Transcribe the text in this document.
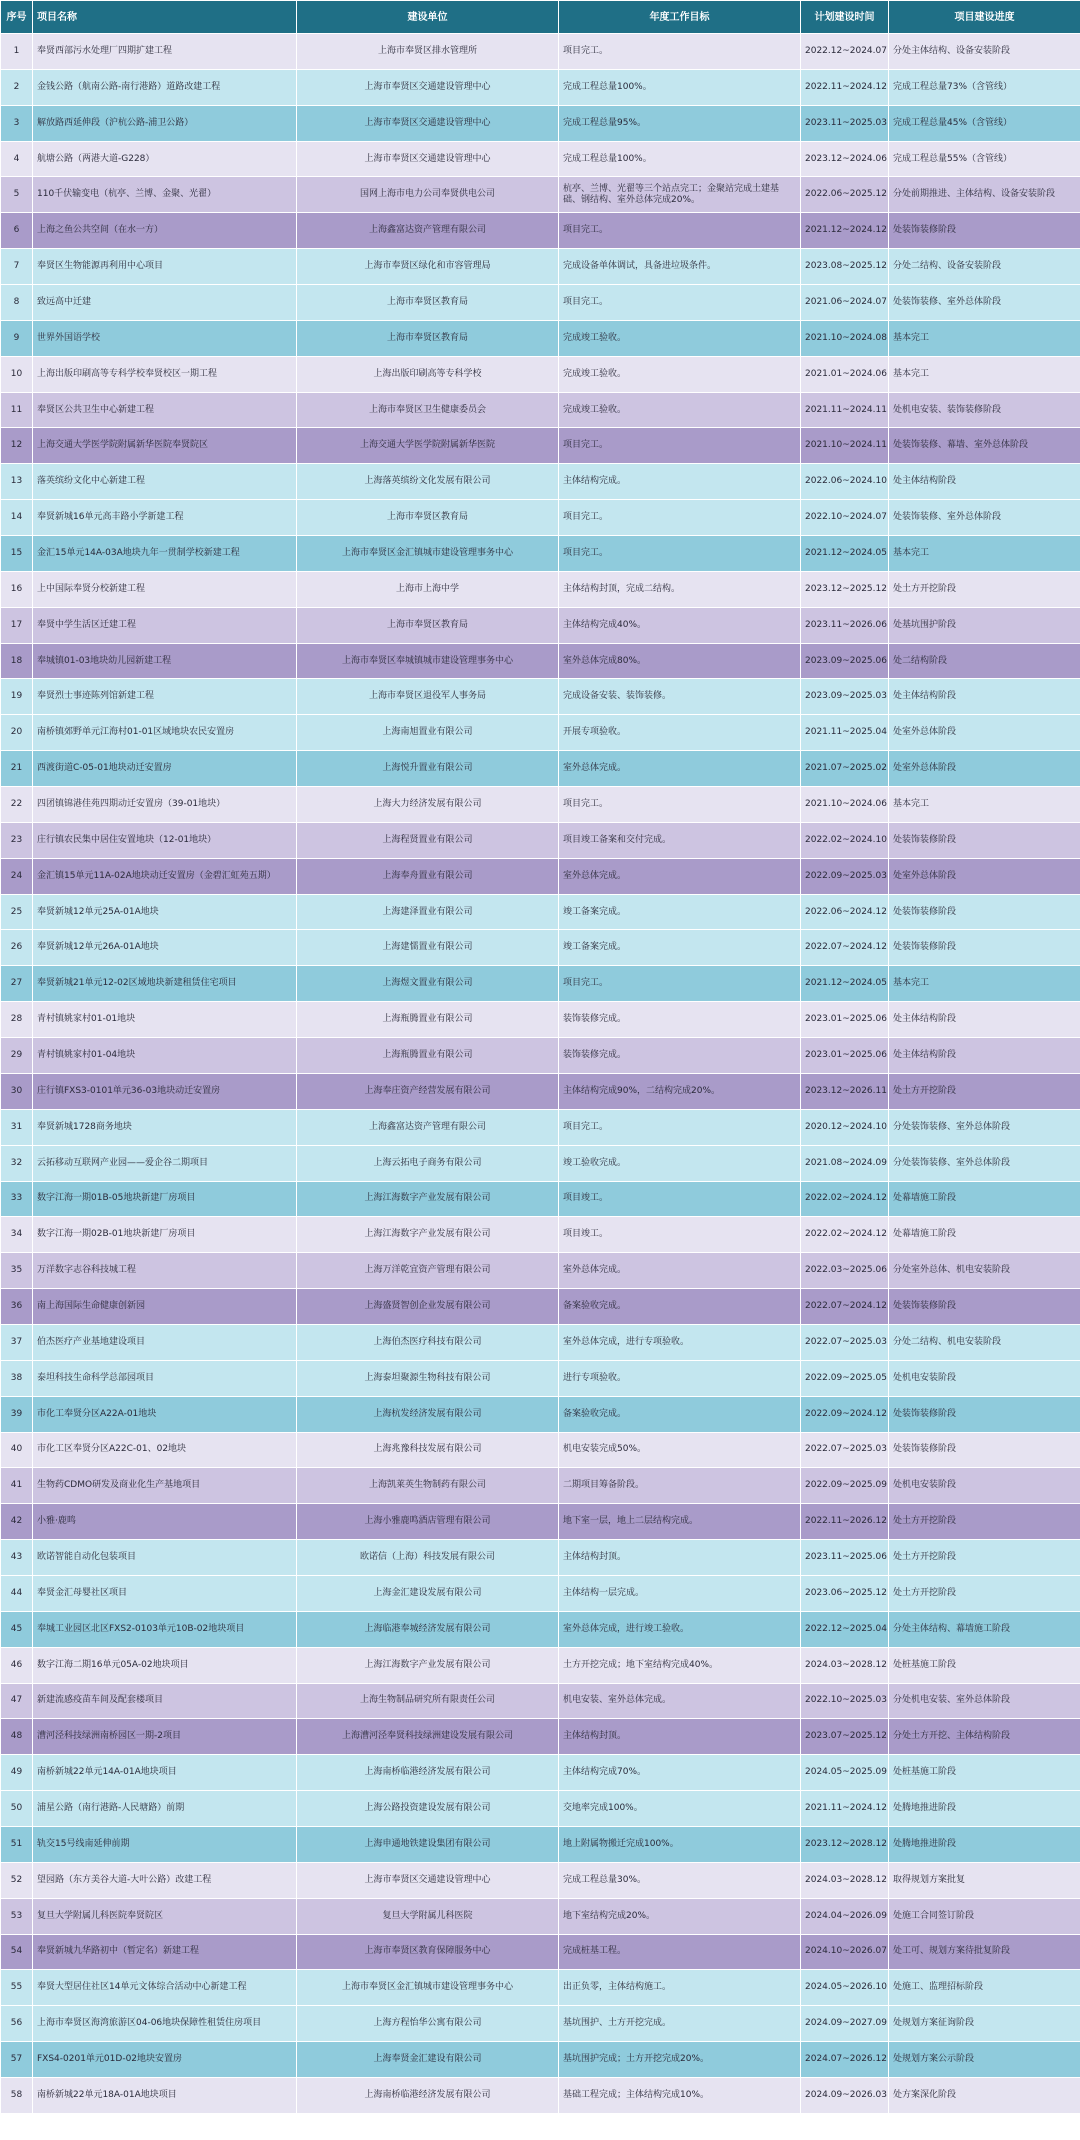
序号	项目名称	建设单位	年度工作目标	计划建设时间	项目建设进度
1	奉贤西部污水处理厂四期扩建工程	上海市奉贤区排水管理所	项目完工。	2022.12~2024.07	分处主体结构、设备安装阶段
2	金钱公路（航南公路-南行港路）道路改建工程	上海市奉贤区交通建设管理中心	完成工程总量100%。	2022.11~2024.12	完成工程总量73%（含管线）
3	解放路西延伸段（沪杭公路-浦卫公路）	上海市奉贤区交通建设管理中心	完成工程总量95%。	2023.11~2025.03	完成工程总量45%（含管线）
4	航塘公路（两港大道-G228）	上海市奉贤区交通建设管理中心	完成工程总量100%。	2023.12~2024.06	完成工程总量55%（含管线）
5	110千伏输变电（杭亭、兰博、金聚、光翟）	国网上海市电力公司奉贤供电公司	杭亭、兰博、光翟等三个站点完工；金聚站完成土建基础、钢结构、室外总体完成20%。	2022.06~2025.12	分处前期推进、主体结构、设备安装阶段
6	上海之鱼公共空间（在水一方）	上海鑫富达资产管理有限公司	项目完工。	2021.12~2024.12	处装饰装修阶段
7	奉贤区生物能源再利用中心项目	上海市奉贤区绿化和市容管理局	完成设备单体调试，具备进垃圾条件。	2023.08~2025.12	分处二结构、设备安装阶段
8	致远高中迁建	上海市奉贤区教育局	项目完工。	2021.06~2024.07	处装饰装修、室外总体阶段
9	世界外国语学校	上海市奉贤区教育局	完成竣工验收。	2021.10~2024.08	基本完工
10	上海出版印刷高等专科学校奉贤校区一期工程	上海出版印刷高等专科学校	完成竣工验收。	2021.01~2024.06	基本完工
11	奉贤区公共卫生中心新建工程	上海市奉贤区卫生健康委员会	完成竣工验收。	2021.11~2024.11	处机电安装、装饰装修阶段
12	上海交通大学医学院附属新华医院奉贤院区	上海交通大学医学院附属新华医院	项目完工。	2021.10~2024.11	处装饰装修、幕墙、室外总体阶段
13	落英缤纷文化中心新建工程	上海落英缤纷文化发展有限公司	主体结构完成。	2022.06~2024.10	处主体结构阶段
14	奉贤新城16单元高丰路小学新建工程	上海市奉贤区教育局	项目完工。	2022.10~2024.07	处装饰装修、室外总体阶段
15	金汇15单元14A-03A地块九年一贯制学校新建工程	上海市奉贤区金汇镇城市建设管理事务中心	项目完工。	2021.12~2024.05	基本完工
16	上中国际奉贤分校新建工程	上海市上海中学	主体结构封顶，完成二结构。	2023.12~2025.12	处土方开挖阶段
17	奉贤中学生活区迁建工程	上海市奉贤区教育局	主体结构完成40%。	2023.11~2026.06	处基坑围护阶段
18	奉城镇01-03地块幼儿园新建工程	上海市奉贤区奉城镇城市建设管理事务中心	室外总体完成80%。	2023.09~2025.06	处二结构阶段
19	奉贤烈士事迹陈列馆新建工程	上海市奉贤区退役军人事务局	完成设备安装、装饰装修。	2023.09~2025.03	处主体结构阶段
20	南桥镇郊野单元江海村01-01区域地块农民安置房	上海南旭置业有限公司	开展专项验收。	2021.11~2025.04	处室外总体阶段
21	西渡街道C-05-01地块动迁安置房	上海悦升置业有限公司	室外总体完成。	2021.07~2025.02	处室外总体阶段
22	四团镇锦港佳苑四期动迁安置房（39-01地块）	上海大力经济发展有限公司	项目完工。	2021.10~2024.06	基本完工
23	庄行镇农民集中居住安置地块（12-01地块）	上海程贤置业有限公司	项目竣工备案和交付完成。	2022.02~2024.10	处装饰装修阶段
24	金汇镇15单元11A-02A地块动迁安置房（金碧汇虹苑五期）	上海奉舟置业有限公司	室外总体完成。	2022.09~2025.03	处室外总体阶段
25	奉贤新城12单元25A-01A地块	上海建泽置业有限公司	竣工备案完成。	2022.06~2024.12	处装饰装修阶段
26	奉贤新城12单元26A-01A地块	上海建懦置业有限公司	竣工备案完成。	2022.07~2024.12	处装饰装修阶段
27	奉贤新城21单元12-02区域地块新建租赁住宅项目	上海煜文置业有限公司	项目完工。	2021.12~2024.05	基本完工
28	青村镇姚家村01-01地块	上海瓶腾置业有限公司	装饰装修完成。	2023.01~2025.06	处主体结构阶段
29	青村镇姚家村01-04地块	上海瓶腾置业有限公司	装饰装修完成。	2023.01~2025.06	处主体结构阶段
30	庄行镇FXS3-0101单元36-03地块动迁安置房	上海奉庄资产经营发展有限公司	主体结构完成90%，二结构完成20%。	2023.12~2026.11	处土方开挖阶段
31	奉贤新城1728商务地块	上海鑫富达资产管理有限公司	项目完工。	2020.12~2024.10	分处装饰装修、室外总体阶段
32	云拓移动互联网产业园——爱企谷二期项目	上海云拓电子商务有限公司	竣工验收完成。	2021.08~2024.09	分处装饰装修、室外总体阶段
33	数字江海一期01B-05地块新建厂房项目	上海江海数字产业发展有限公司	项目竣工。	2022.02~2024.12	处幕墙施工阶段
34	数字江海一期02B-01地块新建厂房项目	上海江海数字产业发展有限公司	项目竣工。	2022.02~2024.12	处幕墙施工阶段
35	万洋数字志谷科技城工程	上海万洋乾宜资产管理有限公司	室外总体完成。	2022.03~2025.06	分处室外总体、机电安装阶段
36	南上海国际生命健康创新园	上海盛贤智创企业发展有限公司	备案验收完成。	2022.07~2024.12	处装饰装修阶段
37	伯杰医疗产业基地建设项目	上海伯杰医疗科技有限公司	室外总体完成，进行专项验收。	2022.07~2025.03	分处二结构、机电安装阶段
38	泰坦科技生命科学总部园项目	上海泰坦聚源生物科技有限公司	进行专项验收。	2022.09~2025.05	处机电安装阶段
39	市化工奉贤分区A22A-01地块	上海杭发经济发展有限公司	备案验收完成。	2022.09~2024.12	处装饰装修阶段
40	市化工区奉贤分区A22C-01、02地块	上海兆豫科技发展有限公司	机电安装完成50%。	2022.07~2025.03	处装饰装修阶段
41	生物药CDMO研发及商业化生产基地项目	上海凯莱英生物制药有限公司	二期项目筹备阶段。	2022.09~2025.09	处机电安装阶段
42	小雅·鹿鸣	上海小雅鹿鸣酒店管理有限公司	地下室一层，地上二层结构完成。	2022.11~2026.12	处土方开挖阶段
43	欧诺智能自动化包装项目	欧诺信（上海）科技发展有限公司	主体结构封顶。	2023.11~2025.06	处土方开挖阶段
44	奉贤金汇母婴社区项目	上海金汇建设发展有限公司	主体结构一层完成。	2023.06~2025.12	处土方开挖阶段
45	奉城工业园区北区FXS2-0103单元10B-02地块项目	上海临港奉城经济发展有限公司	室外总体完成，进行竣工验收。	2022.12~2025.04	分处主体结构、幕墙施工阶段
46	数字江海二期16单元05A-02地块项目	上海江海数字产业发展有限公司	土方开挖完成；地下室结构完成40%。	2024.03~2028.12	处桩基施工阶段
47	新建流感疫苗车间及配套楼项目	上海生物制品研究所有限责任公司	机电安装、室外总体完成。	2022.10~2025.03	分处机电安装、室外总体阶段
48	漕河泾科技绿洲南桥园区一期-2项目	上海漕河泾奉贤科技绿洲建设发展有限公司	主体结构封顶。	2023.07~2025.12	分处土方开挖、主体结构阶段
49	南桥新城22单元14A-01A地块项目	上海南桥临港经济发展有限公司	主体结构完成70%。	2024.05~2025.09	处桩基施工阶段
50	浦星公路（南行港路-人民塘路）前期	上海公路投资建设发展有限公司	交地率完成100%。	2021.11~2024.12	处腾地推进阶段
51	轨交15号线南延伸前期	上海申通地铁建设集团有限公司	地上附属物搬迁完成100%。	2023.12~2028.12	处腾地推进阶段
52	望园路（东方美谷大道-大叶公路）改建工程	上海市奉贤区交通建设管理中心	完成工程总量30%。	2024.03~2028.12	取得规划方案批复
53	复旦大学附属儿科医院奉贤院区	复旦大学附属儿科医院	地下室结构完成20%。	2024.04~2026.09	处施工合同签订阶段
54	奉贤新城九华路初中（暂定名）新建工程	上海市奉贤区教育保障服务中心	完成桩基工程。	2024.10~2026.07	处工可、规划方案待批复阶段
55	奉贤大型居住社区14单元文体综合活动中心新建工程	上海市奉贤区金汇镇城市建设管理事务中心	出正负零，主体结构施工。	2024.05~2026.10	处施工、监理招标阶段
56	上海市奉贤区海湾旅游区04-06地块保障性租赁住房项目	上海方程怡华公寓有限公司	基坑围护、土方开挖完成。	2024.09~2027.09	处规划方案征询阶段
57	FXS4-0201单元01D-02地块安置房	上海奉贤金汇建设有限公司	基坑围护完成；土方开挖完成20%。	2024.07~2026.12	处规划方案公示阶段
58	南桥新城22单元18A-01A地块项目	上海南桥临港经济发展有限公司	基础工程完成；主体结构完成10%。	2024.09~2026.03	处方案深化阶段
